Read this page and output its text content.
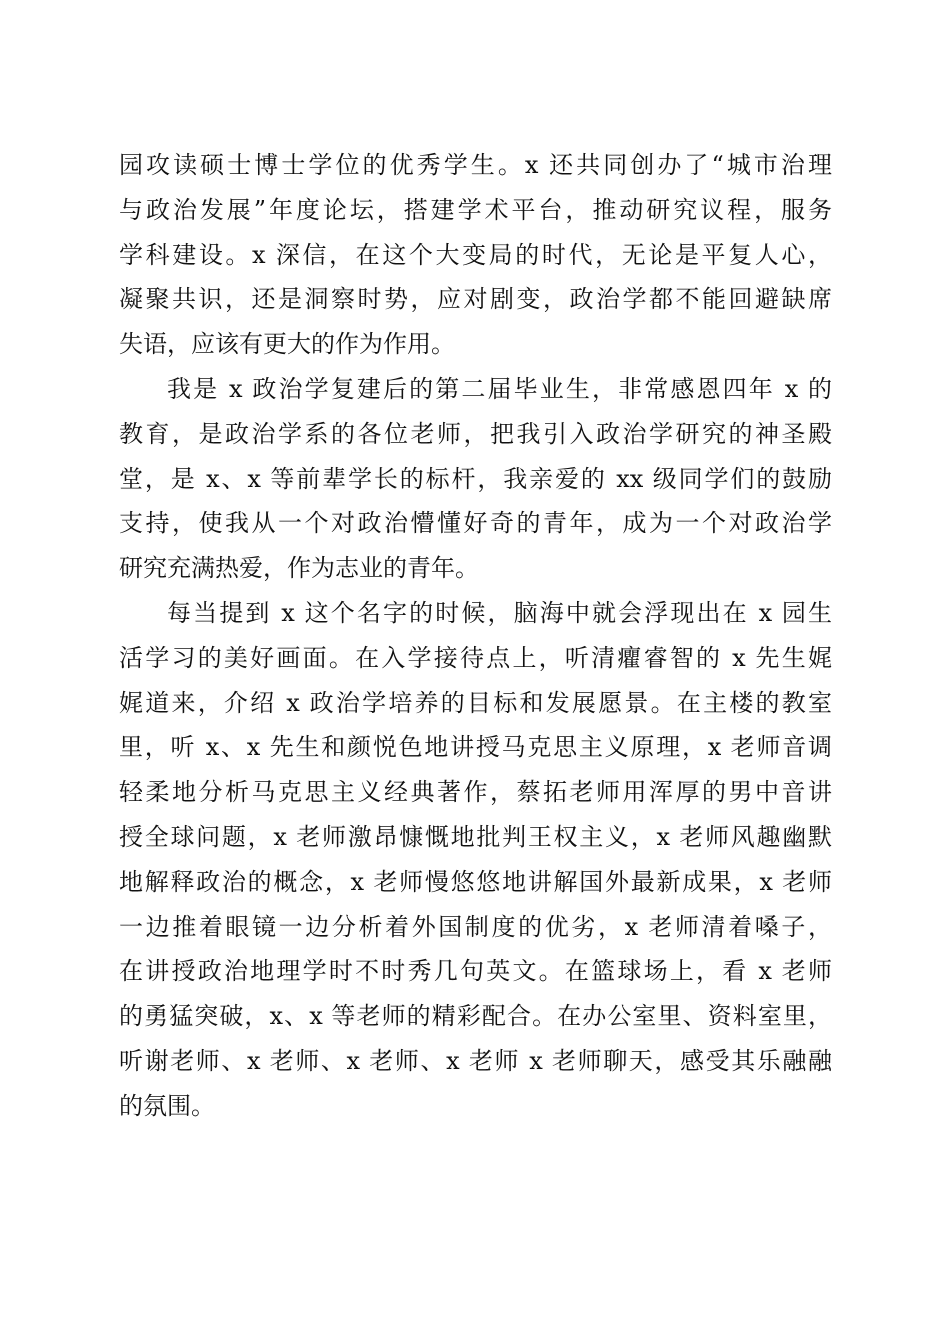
园攻读硕士博士学位的优秀学生。x 还共同创办了“城市治理
与政治发展”年度论坛，搭建学术平台，推动研究议程，服务
学科建设。x 深信，在这个大变局的时代，无论是平复人心，
凝聚共识，还是洞察时势，应对剧变，政治学都不能回避缺席
失语，应该有更大的作为作用。
我是 x 政治学复建后的第二届毕业生，非常感恩四年 x 的
教育，是政治学系的各位老师，把我引入政治学研究的神圣殿
堂，是 x、x 等前辈学长的标杆，我亲爱的 xx 级同学们的鼓励
支持，使我从一个对政治懵懂好奇的青年，成为一个对政治学
研究充满热爱，作为志业的青年。
每当提到 x 这个名字的时候，脑海中就会浮现出在 x 园生
活学习的美好画面。在入学接待点上，听清癯睿智的 x 先生娓
娓道来，介绍 x 政治学培养的目标和发展愿景。在主楼的教室
里，听 x、x 先生和颜悦色地讲授马克思主义原理，x 老师音调
轻柔地分析马克思主义经典著作，蔡拓老师用浑厚的男中音讲
授全球问题，x 老师激昂慷慨地批判王权主义，x 老师风趣幽默
地解释政治的概念，x 老师慢悠悠地讲解国外最新成果，x 老师
一边推着眼镜一边分析着外国制度的优劣，x 老师清着嗓子，
在讲授政治地理学时不时秀几句英文。在篮球场上，看 x 老师
的勇猛突破，x、x 等老师的精彩配合。在办公室里、资料室里，
听谢老师、x 老师、x 老师、x 老师 x 老师聊天，感受其乐融融
的氛围。
